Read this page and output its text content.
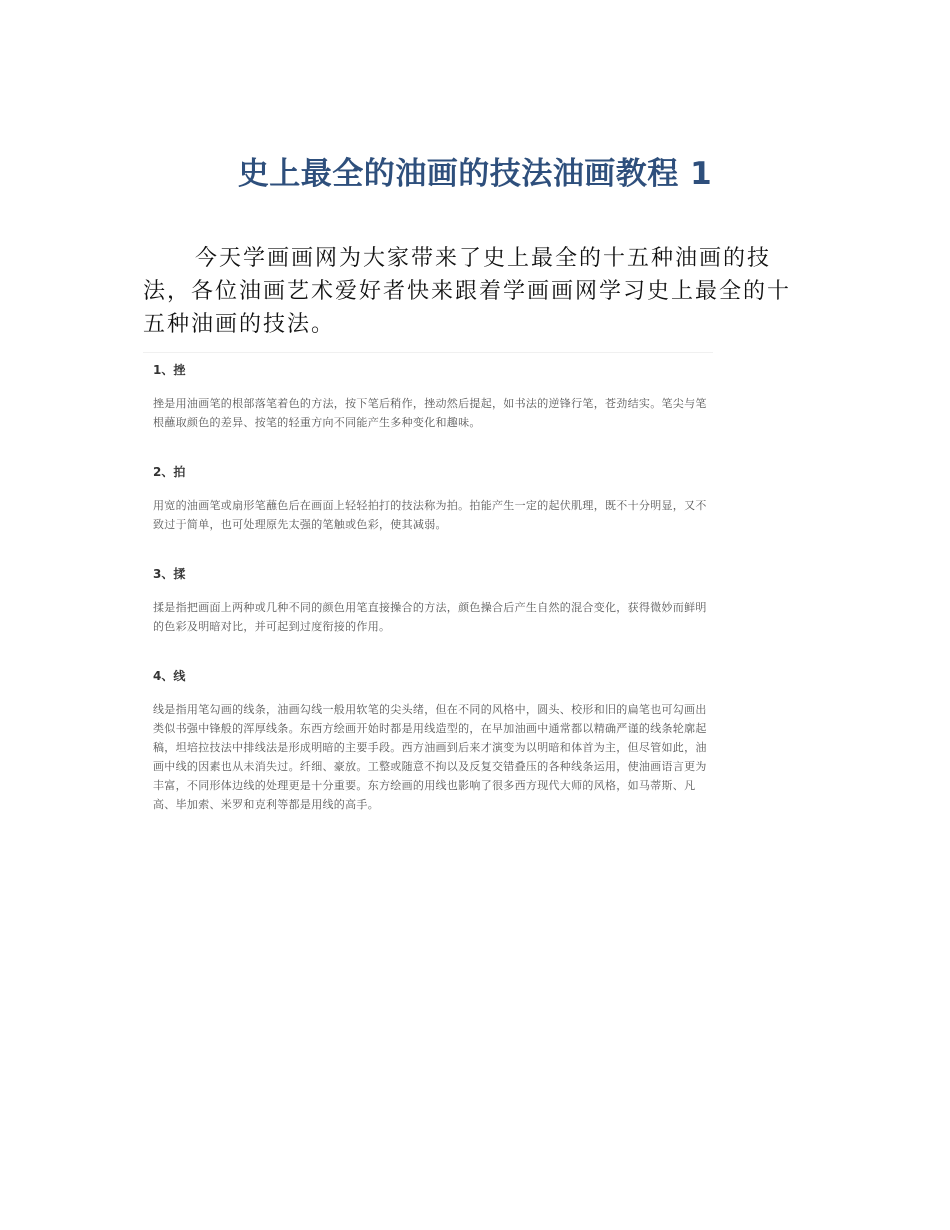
史上最全的油画的技法油画教程 1

今天学画画网为大家带来了史上最全的十五种油画的技法，各位油画艺术爱好者快来跟着学画画网学习史上最全的十五种油画的技法。

1、挫

挫是用油画笔的根部落笔着色的方法，按下笔后稍作，挫动然后提起，如书法的逆锋行笔，苍劲结实。笔尖与笔根蘸取颜色的差异、按笔的轻重方向不同能产生多种变化和趣味。

2、拍

用宽的油画笔或扇形笔蘸色后在画面上轻轻拍打的技法称为拍。拍能产生一定的起伏肌理，既不十分明显，又不致过于简单，也可处理原先太强的笔触或色彩，使其减弱。

3、揉

揉是指把画面上两种或几种不同的颜色用笔直接操合的方法，颜色操合后产生自然的混合变化，获得微妙而鲜明的色彩及明暗对比，并可起到过度衔接的作用。

4、线

线是指用笔勾画的线条，油画勾线一般用软笔的尖头绪，但在不同的风格中，圆头、校形和旧的扁笔也可勾画出类似书强中锋般的浑厚线条。东西方绘画开始时都是用线造型的，在早加油画中通常都以精确严谨的线条轮廓起稿，坦培拉技法中排线法是形成明暗的主要手段。西方油画到后来才演变为以明暗和体首为主，但尽管如此，油画中线的因素也从未消失过。纤细、豪放。工整或随意不拘以及反复交错叠压的各种线条运用，使油画语言更为丰富，不同形体边线的处理更是十分重要。东方绘画的用线也影响了很多西方现代大师的风格，如马蒂斯、凡高、毕加索、米罗和克利等都是用线的高手。
